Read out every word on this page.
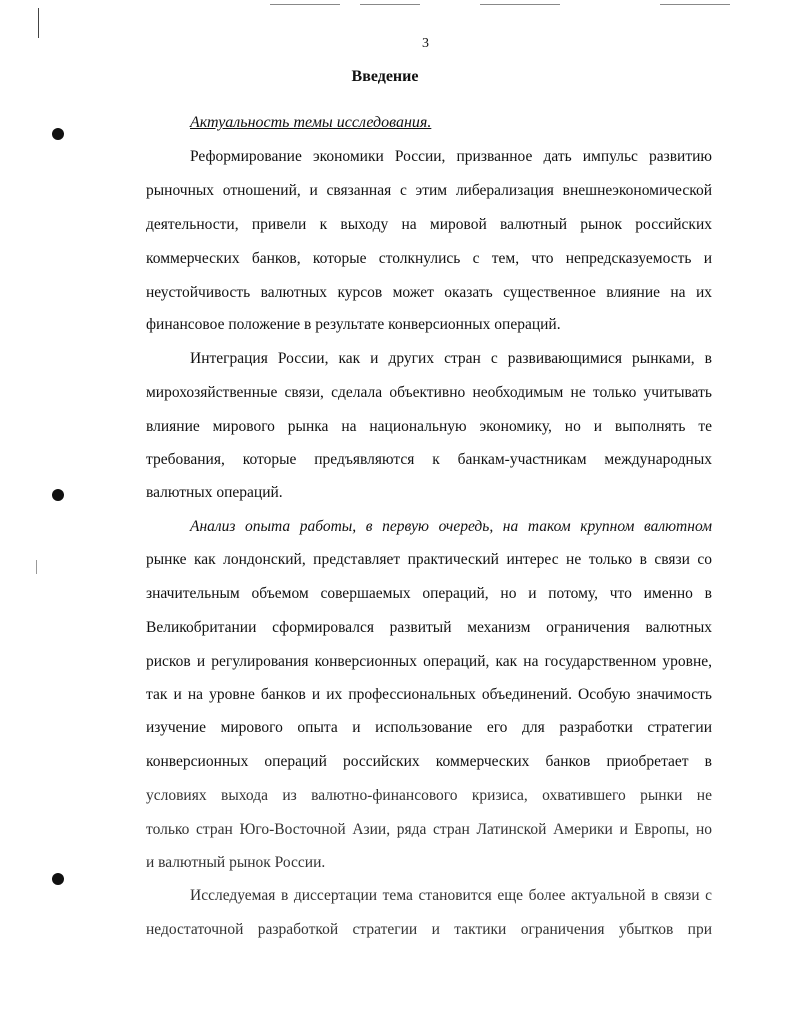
3
Введение
Актуальность темы исследования.
Реформирование экономики России, призванное дать импульс развитию
рыночных отношений, и связанная с этим либерализация внешнеэкономической
деятельности, привели к выходу на мировой валютный рынок российских
коммерческих банков, которые столкнулись с тем, что непредсказуемость и
неустойчивость валютных курсов может оказать существенное влияние на их
финансовое положение в результате конверсионных операций.
Интеграция России, как и других стран с развивающимися рынками, в
мирохозяйственные связи, сделала объективно необходимым не только учитывать
влияние мирового рынка на национальную экономику, но и выполнять те
требования, которые предъявляются к банкам-участникам международных
валютных операций.
Анализ опыта работы, в первую очередь, на таком крупном валютном
рынке как лондонский, представляет практический интерес не только в связи со
значительным объемом совершаемых операций, но и потому, что именно в
Великобритании сформировался развитый механизм ограничения валютных
рисков и регулирования конверсионных операций, как на государственном уровне,
так и на уровне банков и их профессиональных объединений. Особую значимость
изучение мирового опыта и использование его для разработки стратегии
конверсионных операций российских коммерческих банков приобретает в
условиях выхода из валютно-финансового кризиса, охватившего рынки не
только стран Юго-Восточной Азии, ряда стран Латинской Америки и Европы, но
и валютный рынок России.
Исследуемая в диссертации тема становится еще более актуальной в связи с
недостаточной разработкой стратегии и тактики ограничения убытков при
